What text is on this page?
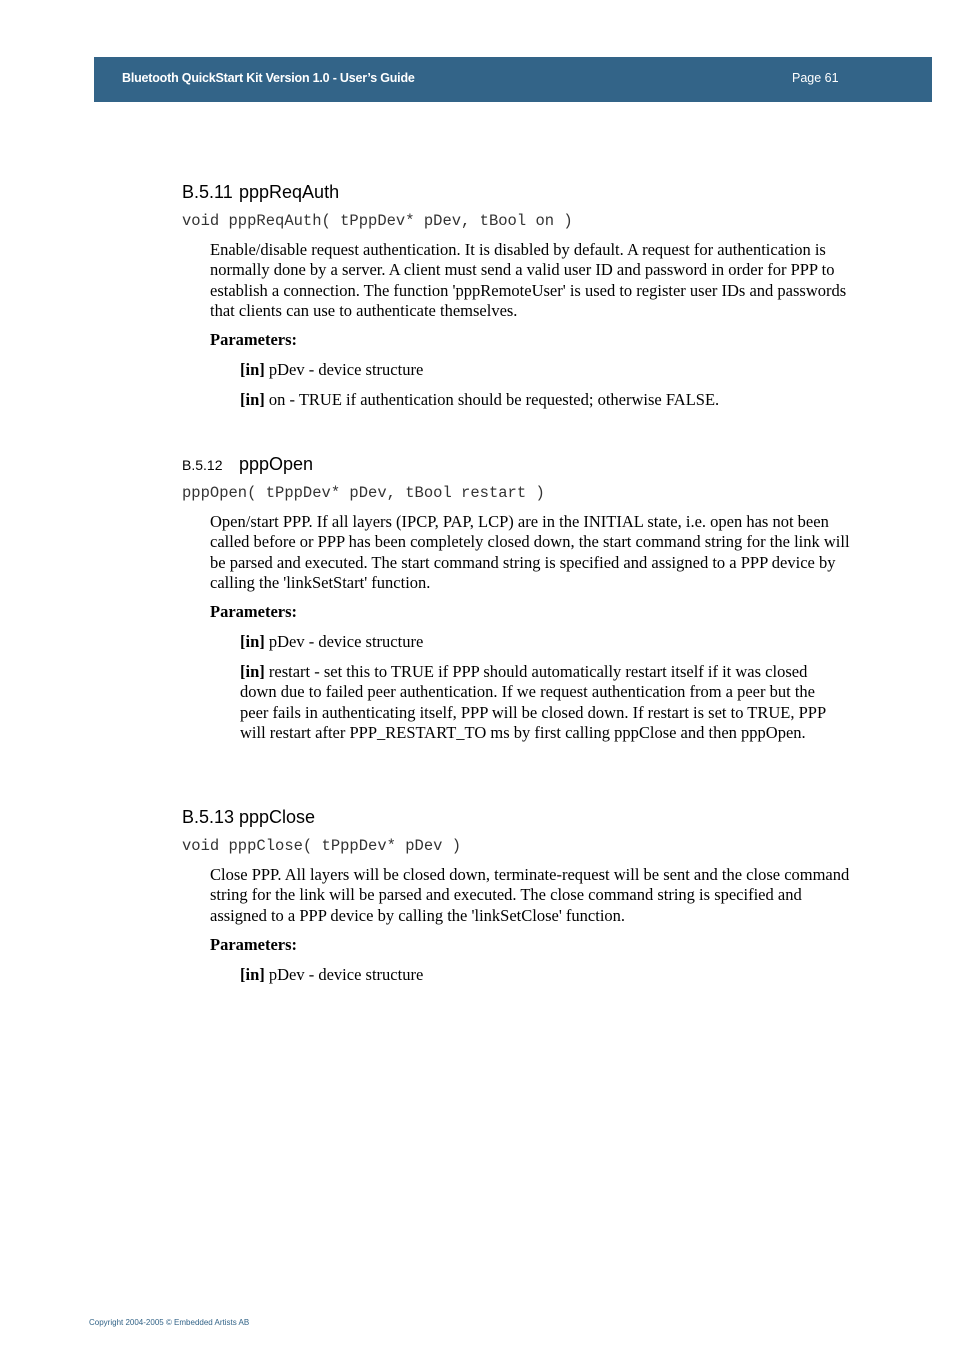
Bluetooth QuickStart Kit Version 1.0 - User’s Guide	Page 61
B.5.11 pppReqAuth
void pppReqAuth( tPppDev* pDev, tBool on )
Enable/disable request authentication. It is disabled by default. A request for authentication is normally done by a server. A client must send a valid user ID and password in order for PPP to establish a connection. The function 'pppRemoteUser' is used to register user IDs and passwords that clients can use to authenticate themselves.
Parameters:
[in] pDev - device structure
[in] on - TRUE if authentication should be requested; otherwise FALSE.
B.5.12 pppOpen
pppOpen( tPppDev* pDev, tBool restart )
Open/start PPP. If all layers (IPCP, PAP, LCP) are in the INITIAL state, i.e. open has not been called before or PPP has been completely closed down, the start command string for the link will be parsed and executed. The start command string is specified and assigned to a PPP device by calling the 'linkSetStart' function.
Parameters:
[in] pDev - device structure
[in] restart - set this to TRUE if PPP should automatically restart itself if it was closed down due to failed peer authentication. If we request authentication from a peer but the peer fails in authenticating itself, PPP will be closed down. If restart is set to TRUE, PPP will restart after PPP_RESTART_TO ms by first calling pppClose and then pppOpen.
B.5.13 pppClose
void pppClose( tPppDev* pDev )
Close PPP. All layers will be closed down, terminate-request will be sent and the close command string for the link will be parsed and executed. The close command string is specified and assigned to a PPP device by calling the 'linkSetClose' function.
Parameters:
[in] pDev - device structure
Copyright 2004-2005 © Embedded Artists AB
